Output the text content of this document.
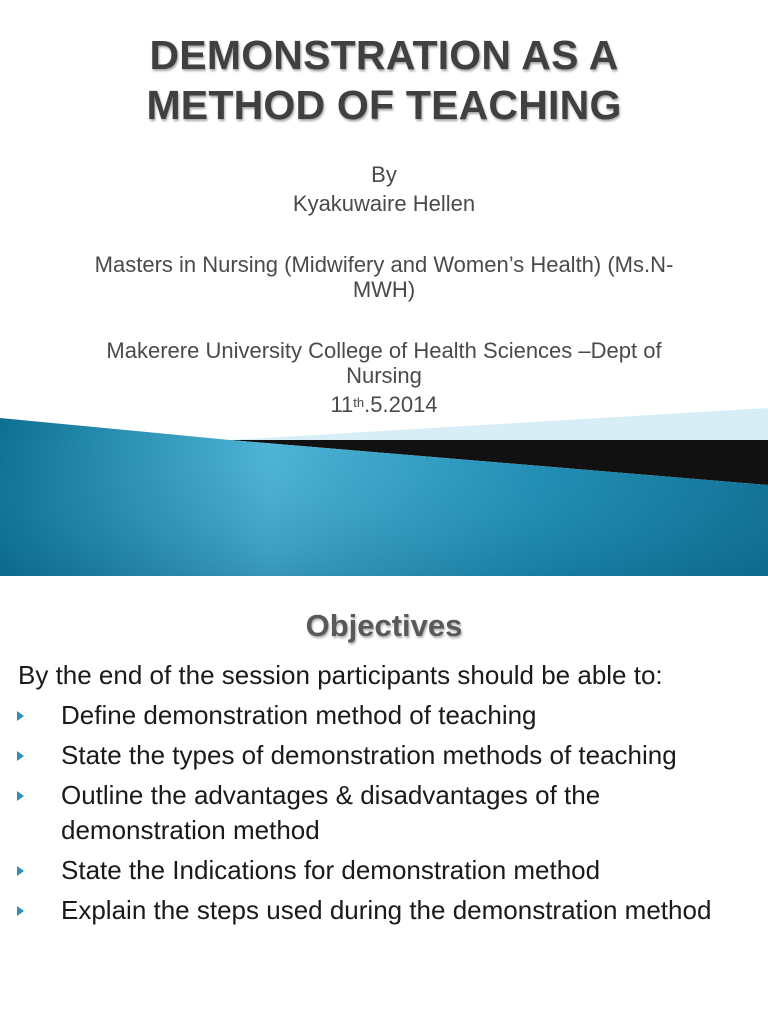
DEMONSTRATION AS A
METHOD OF TEACHING
By
Kyakuwaire Hellen
Masters in Nursing (Midwifery and Women’s Health) (Ms.N-
MWH)
Makerere University College of Health Sciences –Dept of
Nursing
11th.5.2014
Objectives
By the end of the session participants should be able to:
Define demonstration method of teaching
State the types of demonstration methods of teaching
Outline the advantages & disadvantages of the demonstration method
State the Indications for demonstration method
Explain the steps used during the demonstration method
